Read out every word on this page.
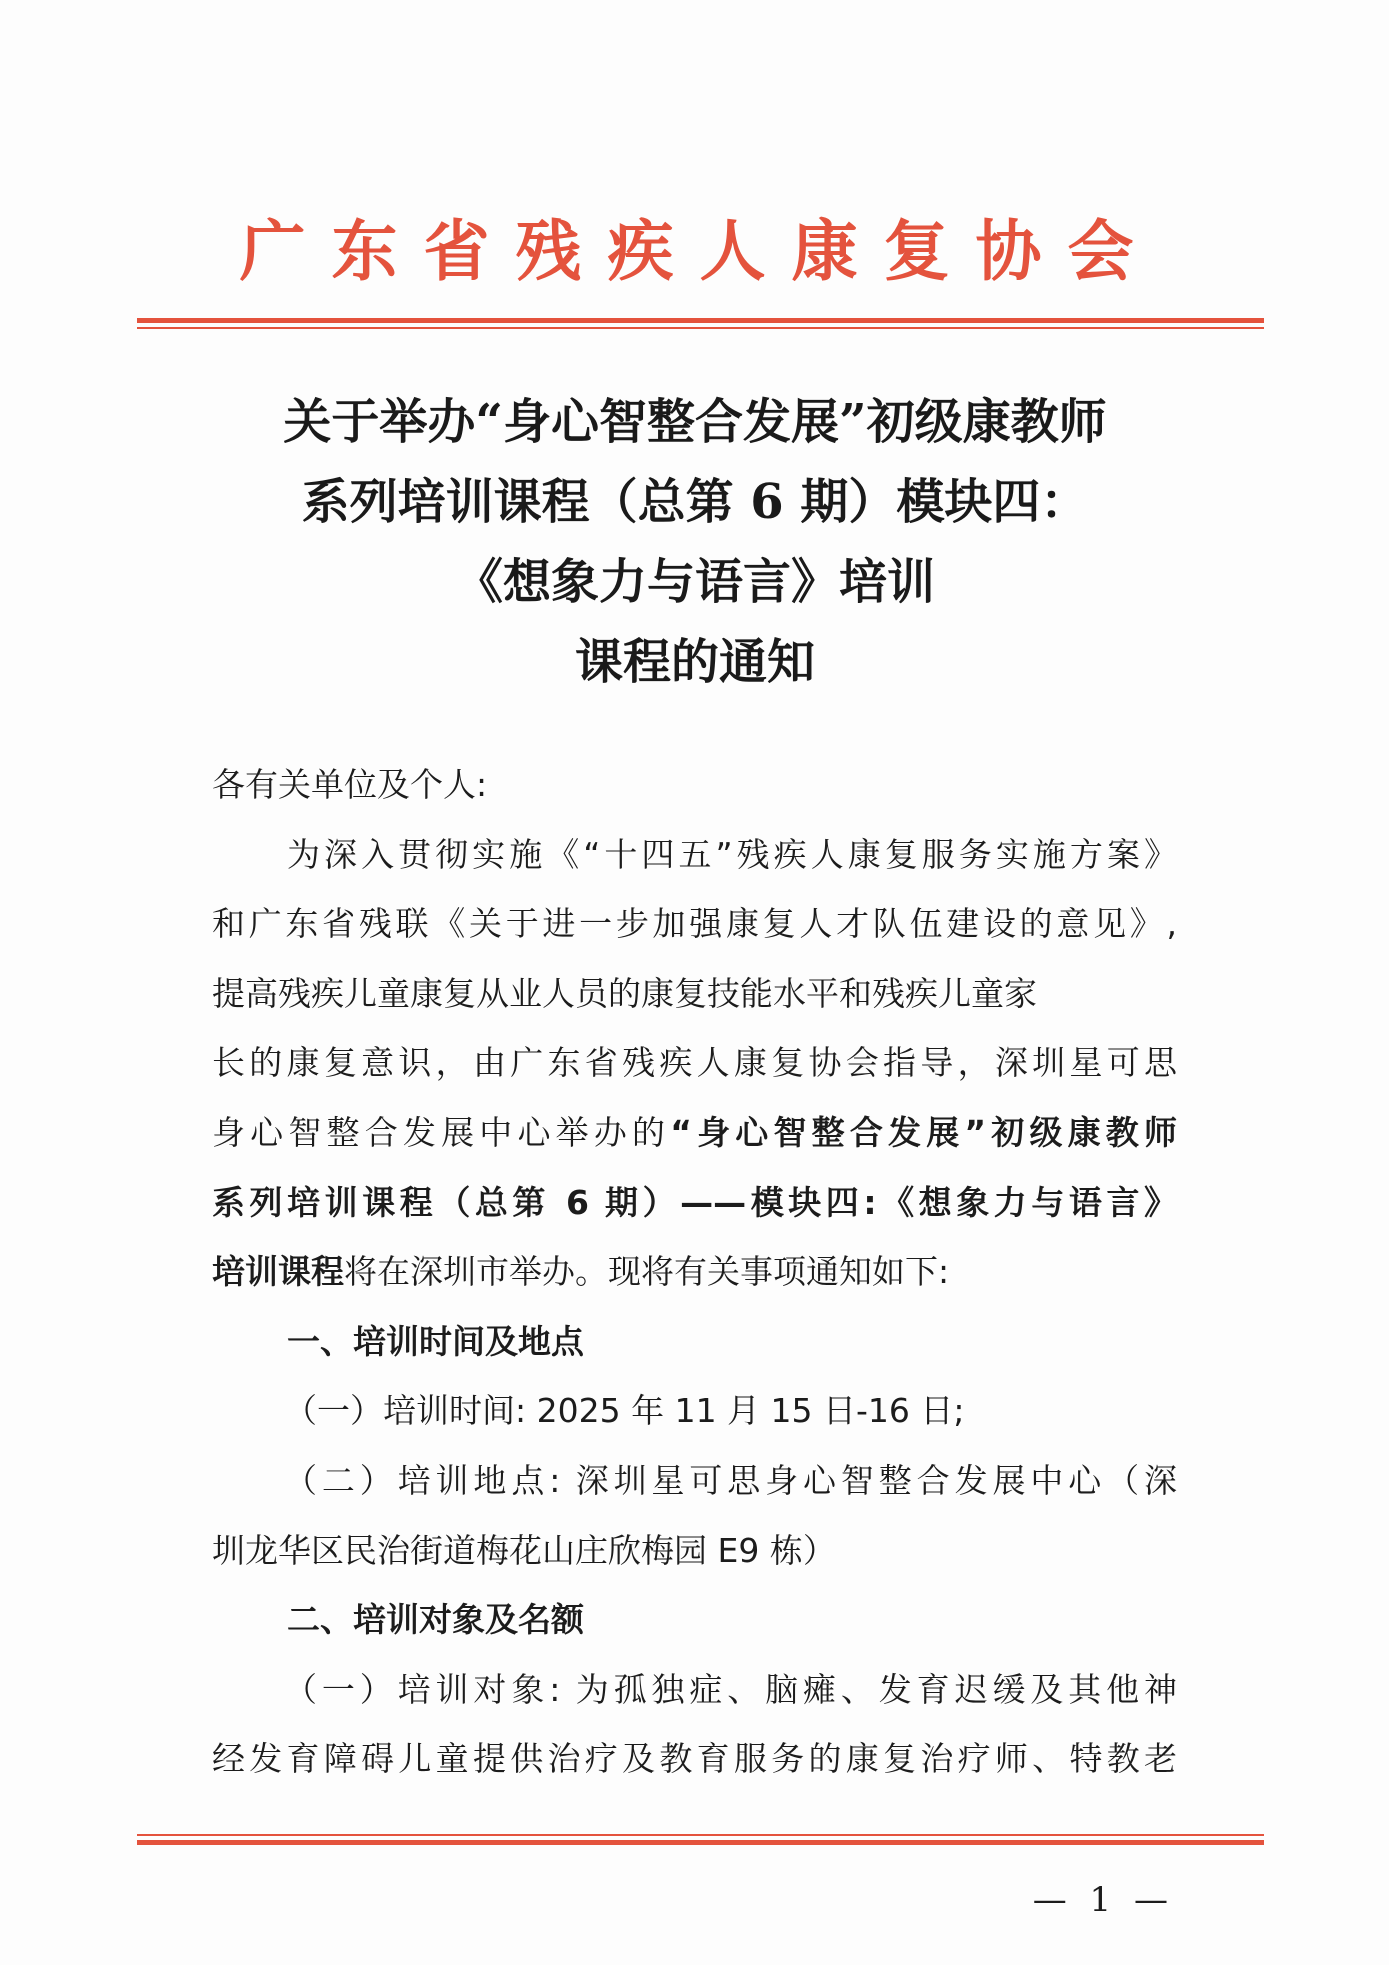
广东省残疾人康复协会
关于举办“身心智整合发展”初级康教师
系列培训课程（总第 6 期）模块四：
《想象力与语言》培训
课程的通知
各有关单位及个人:
为深入贯彻实施《“十四五”残疾人康复服务实施方案》
和广东省残联《关于进一步加强康复人才队伍建设的意见》,
提高残疾儿童康复从业人员的康复技能水平和残疾儿童家
长的康复意识，由广东省残疾人康复协会指导，深圳星可思
身心智整合发展中心举办的“身心智整合发展”初级康教师
系列培训课程（总第 6 期）——模块四:《想象力与语言》
培训课程将在深圳市举办。现将有关事项通知如下:
一、培训时间及地点
（一）培训时间: 2025 年 11 月 15 日-16 日;
（二）培训地点: 深圳星可思身心智整合发展中心（深
圳龙华区民治街道梅花山庄欣梅园 E9 栋）
二、培训对象及名额
（一）培训对象: 为孤独症、脑瘫、发育迟缓及其他神
经发育障碍儿童提供治疗及教育服务的康复治疗师、特教老
— 1 —
